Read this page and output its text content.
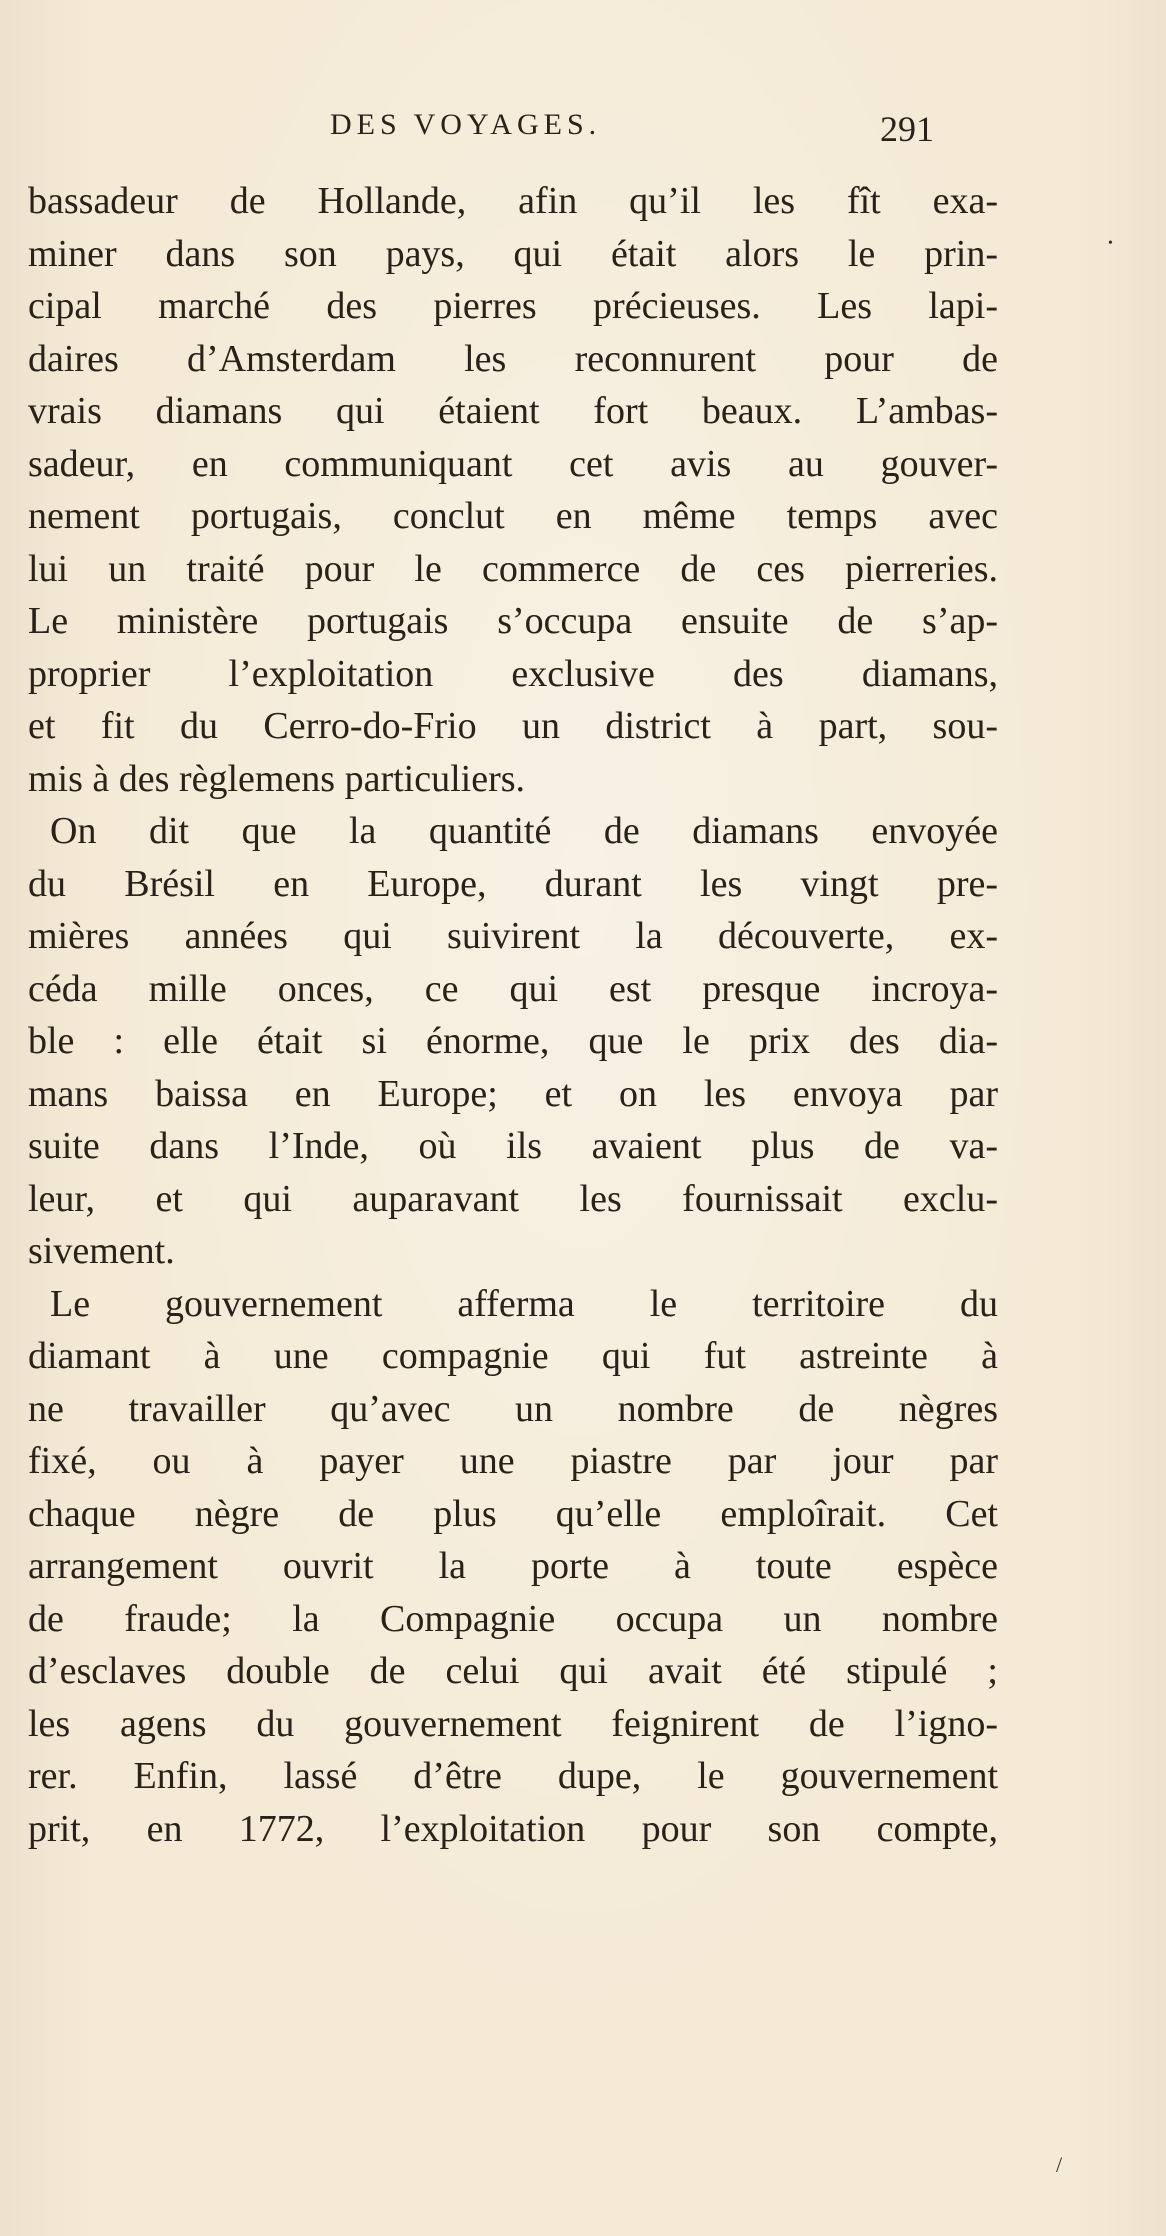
DES VOYAGES.	291
bassadeur de Hollande, afin qu’il les fît exa-
miner dans son pays, qui était alors le prin-
cipal marché des pierres précieuses. Les lapi-
daires d’Amsterdam les reconnurent pour de
vrais diamans qui étaient fort beaux. L’ambas-
sadeur, en communiquant cet avis au gouver-
nement portugais, conclut en même temps avec
lui un traité pour le commerce de ces pierreries.
Le ministère portugais s’occupa ensuite de s’ap-
proprier l’exploitation exclusive des diamans,
et fit du Cerro-do-Frio un district à part, sou-
mis à des règlemens particuliers.
On dit que la quantité de diamans envoyée
du Brésil en Europe, durant les vingt pre-
mières années qui suivirent la découverte, ex-
céda mille onces, ce qui est presque incroya-
ble : elle était si énorme, que le prix des dia-
mans baissa en Europe; et on les envoya par
suite dans l’Inde, où ils avaient plus de va-
leur, et qui auparavant les fournissait exclu-
sivement.
Le gouvernement afferma le territoire du
diamant à une compagnie qui fut astreinte à
ne travailler qu’avec un nombre de nègres
fixé, ou à payer une piastre par jour par
chaque nègre de plus qu’elle emploîrait. Cet
arrangement ouvrit la porte à toute espèce
de fraude; la Compagnie occupa un nombre
d’esclaves double de celui qui avait été stipulé ;
les agens du gouvernement feignirent de l’igno-
rer. Enfin, lassé d’être dupe, le gouvernement
prit, en 1772, l’exploitation pour son compte,
•
/
